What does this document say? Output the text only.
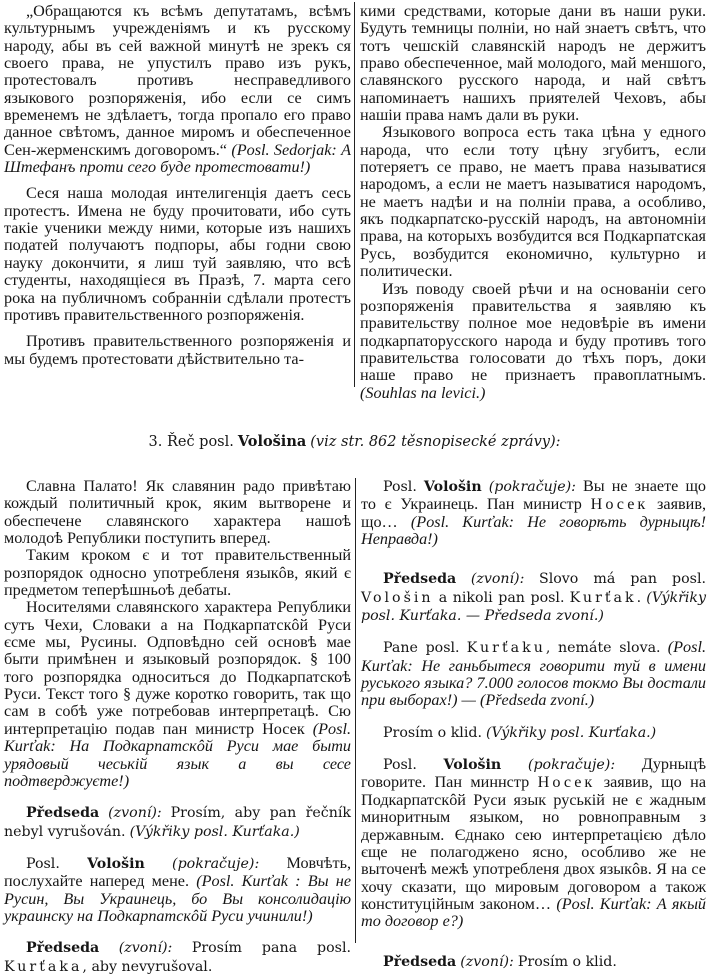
„Обращаются къ всѣмъ депутатамъ, всѣмъ культурнымъ учрежденiямъ и къ русскому народу, абы въ сей важной минутѣ не зрекъ ся своего права, не упустилъ право изъ рукъ, протестовалъ противъ несправедливого языкового розпоряженiя, ибо если се симъ временемъ не здѣлаетъ, тогда пропало его право данное свѣтомъ, данное миромъ и обеспеченное Сен-жерменскимъ договоромъ.“ (Posl. Sedorjak: А Штефанъ проти сего буде протестовати!)

Сеся наша молодая интелигенцiя даетъ сесь протестъ. Имена не буду прочитовати, ибо суть такiе ученики между ними, которые изъ нашихъ податей получаютъ подпоры, абы годни свою науку докончити, я лиш туй заявляю, что всѣ студенты, находящiеся въ Празѣ, 7. марта сего рока на публичномъ собраннiи сдѣлали протестъ противъ правительственного розпоряженiя.

Противъ правительственного розпоряженiя и мы будемъ протестовати дѣйствительно та-

кими средствами, которые дани въ наши руки. Будуть темницы полнiи, но най знаетъ свѣтъ, что тотъ чешскiй славянскiй народъ не держитъ право обеспеченное, май молодого, май меншого, славянского русского народа, и най свѣтъ напоминаетъ нашихъ приятелей Чеховъ, абы нашiи права намъ дали въ руки.

Языкового вопроса есть така цѣна у едного народа, что если тоту цѣну згубитъ, если потеряетъ се право, не маетъ права называтися народомъ, а если не маетъ называтися народомъ, не маетъ надѣи и на полнiи права, а особливо, якъ подкарпатско-русскiй народъ, на автономнiи права, на которыхъ возбудится вся Подкарпатская Русь, возбудится економично, культурно и политически.

Изъ поводу своей рѣчи и на основанiи сего розпоряженiя правительства я заявляю къ правительству полное мое недовѣрiе въ имени подкарпаторусского народа и буду противъ того правительства голосовати до тѣхъ поръ, доки наше право не признаетъ правоплатнымъ. (Souhlas na levici.)

3. Řeč posl. Vološina (viz str. 862 těsnopisecké zprávy):

Славна Палато! Як славянин радо привѣтаю кождый политичный крок, яким вытворене и обеспечене славянского характера нашоѣ молодоѣ Републики поступить вперед.

Таким кроком є и тот правительственный розпорядок односно употребленя языкôв, який є предметом теперѣшньоѣ дебаты.

Носителями славянского характера Републики сутъ Чехи, Словаки а на Подкарпатскôй Руси єсме мы, Русины. Одповѣдно сей основѣ мае быти примѣнен и языковый розпорядок. § 100 того розпорядка односиться до Подкарпатскоѣ Руси. Текст того § дуже коротко говорить, так що сам в собѣ уже потребовав интерпретацѣ. Сю интерпретацiю подав пан министр Носек (Posl. Kurťak: На Подкарпатскôй Руси мае быти урядовый чеськiй язык а вы сесе подтверджуєте!)

Předseda (zvoní): Prosím, aby pan řečník nebyl vyrušován. (Výkřiky posl. Kurťaka.)

Posl. Vološin (pokračuje): Мовчѣть, послухайте наперед мене. (Posl. Kurťak : Вы не Русин, Вы Украинець, бо Вы консолидацiю украинску на Подкарпатскôй Руси учинили!)

Předseda (zvoní): Prosím pana posl. Kurťaka, aby nevyrušoval.

Posl. Vološin (pokračuje): Вы не знаете що то є Украинець. Пан министр Носек заявив, що… (Posl. Kurťak: Не говорѣть дурныцѣ! Неправда!)

Předseda (zvoní): Slovo má pan posl. Vološin a nikoli pan posl. Kurťak. (Výkřiky posl. Kurťaka. — Předseda zvoní.)

Pane posl. Kurťaku, nemáte slova. (Posl. Kurťak: Не ганьбытеся говорити туй в имени руського языка? 7.000 голосов токмо Вы достали при выборах!) — (Předseda zvoní.)

Prosím o klid. (Výkřiky posl. Kurťaka.)

Posl. Vološin (pokračuje): Дурныцѣ говорите. Пан миннстр Носек заявив, що на Подкарпатскôй Руси язык руськiй не є жадным миноритным языком, но ровноправным з державным. Єднако сею интерпретацiєю дѣло єще не полагоджено ясно, особливо же не выточенѣ межѣ употребленя двох языкôв. Я на се хочу сказати, що мировым договором а також конституцiйным законом… (Posl. Kurťak: А якый то договор е?)

Předseda (zvoní): Prosím o klid.
